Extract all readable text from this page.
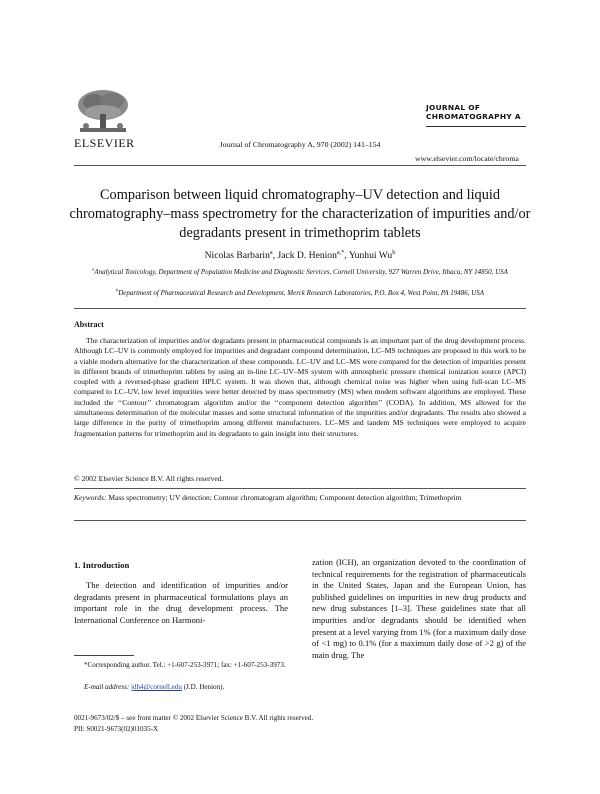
ELSEVIER	Journal of Chromatography A, 970 (2002) 141–154
JOURNAL OF
CHROMATOGRAPHY A
www.elsevier.com/locate/chroma
Comparison between liquid chromatography–UV detection and liquid chromatography–mass spectrometry for the characterization of impurities and/or degradants present in trimethoprim tablets
Nicolas Barbarin$^a$, Jack D. Henion$^{a,*}$, Yunhui Wu$^b$
$^a$Analytical Toxicology, Department of Population Medicine and Diagnostic Services, Cornell University, 927 Warren Drive, Ithaca, NY 14850, USA
$^b$Department of Pharmaceutical Research and Development, Merck Research Laboratories, P.O. Box 4, West Point, PA 19486, USA
Abstract

The characterization of impurities and/or degradants present in pharmaceutical compounds is an important part of the drug development process. Although LC–UV is commonly employed for impurities and degradant compound determination, LC–MS techniques are proposed in this work to be a viable modern alternative for the characterization of these compounds. LC–UV and LC–MS were compared for the detection of impurities present in different brands of trimethoprim tablets by using an in-line LC–UV–MS system with atmospheric pressure chemical ionization source (APCI) coupled with a reversed-phase gradient HPLC system. It was shown that, although chemical noise was higher when using full-scan LC–MS compared to LC–UV, low level impurities were better detected by mass spectrometry (MS) when modern software algorithms are employed. These included the ‘‘Contour’’ chromatogram algorithm and/or the ‘‘component detection algorithm’’ (CODA). In addition, MS allowed for the simultaneous determination of the molecular masses and some structural information of the impurities and/or degradants. The results also showed a large difference in the purity of trimethoprim among different manufacturers. LC–MS and tandem MS techniques were employed to acquire fragmentation patterns for trimethoprim and its degradants to gain insight into their structures.

© 2002 Elsevier Science B.V. All rights reserved.
Keywords: Mass spectrometry; UV detection; Contour chromatogram algorithm; Component detection algorithm; Trimethoprim
1. Introduction

The detection and identification of impurities and/or degradants present in pharmaceutical formulations plays an important role in the drug development process. The International Conference on Harmoni-

zation (ICH), an organization devoted to the coordination of technical requirements for the registration of pharmaceuticals in the United States, Japan and the European Union, has published guidelines on impurities in new drug products and new drug substances [1–3]. These guidelines state that all impurities and/or degradants should be identified when present at a level varying from 1% (for a maximum daily dose of <1 mg) to 0.1% (for a maximum daily dose of >2 g) of the main drug. The

*Corresponding author. Tel.: +1-607-253-3971; fax: +1-607-253-3973.
E-mail address: jdh4@cornell.edu (J.D. Henion).
0021-9673/02/$ – see front matter © 2002 Elsevier Science B.V. All rights reserved.
PII: S0021-9673(02)01035-X
